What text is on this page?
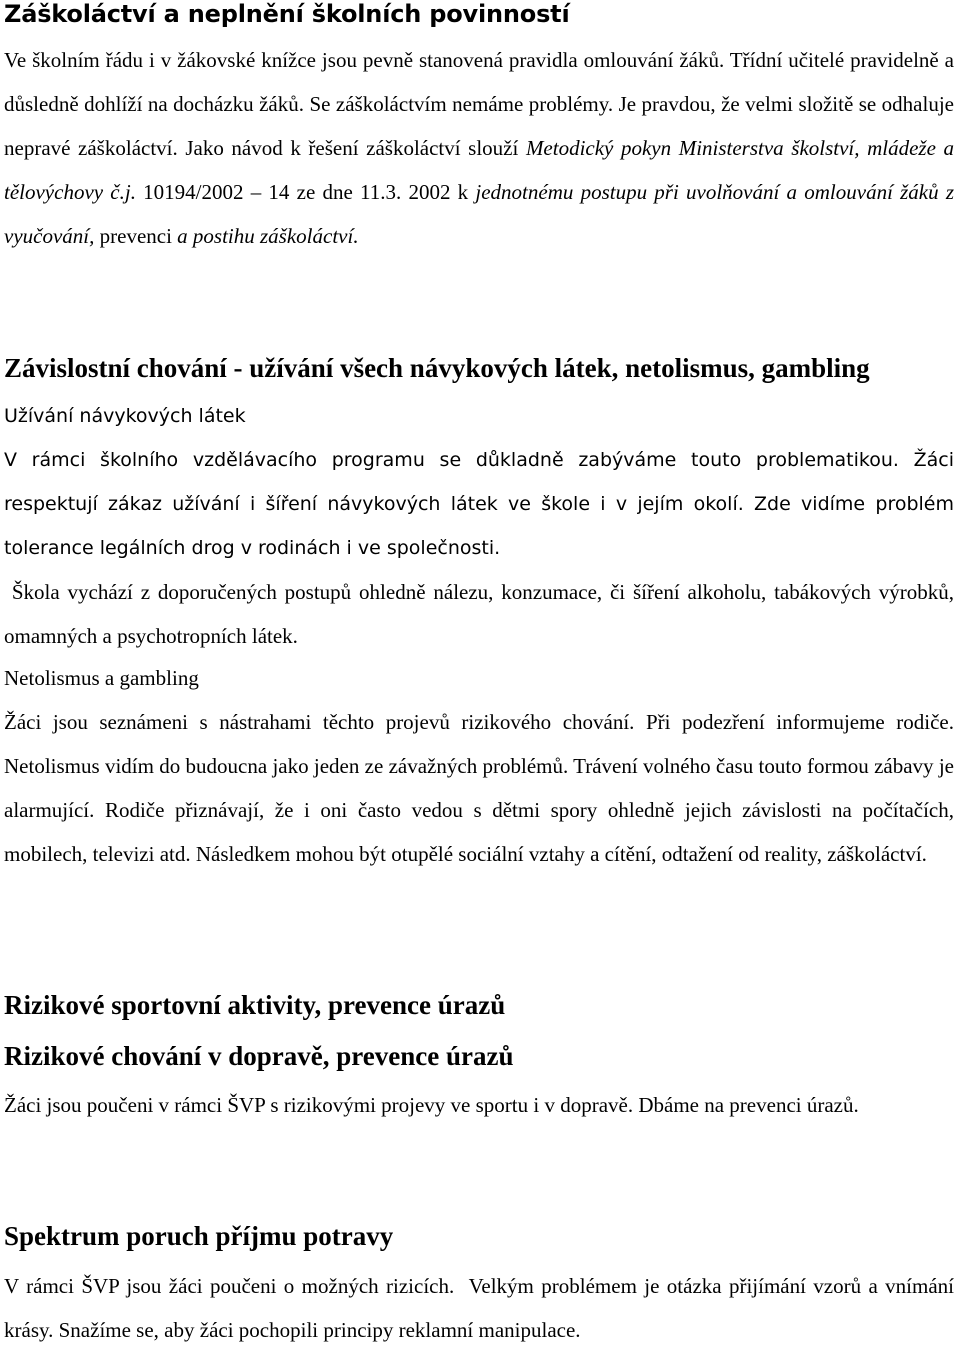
Záškoláctví a neplnění školních povinností

Ve školním řádu i v žákovské knížce jsou pevně stanovená pravidla omlouvání žáků. Třídní učitelé pravidelně a důsledně dohlíží na docházku žáků. Se záškoláctvím nemáme problémy. Je pravdou, že velmi složitě se odhaluje nepravé záškoláctví. Jako návod k řešení záškoláctví slouží Metodický pokyn Ministerstva školství, mládeže a tělovýchovy č.j. 10194/2002 – 14 ze dne 11.3. 2002 k jednotnému postupu při uvolňování a omlouvání žáků z vyučování, prevenci a postihu záškoláctví.

Závislostní chování - užívání všech návykových látek, netolismus, gambling

Užívání návykových látek

V rámci školního vzdělávacího programu se důkladně zabýváme touto problematikou. Žáci respektují zákaz užívání i šíření návykových látek ve škole i v jejím okolí. Zde vidíme problém tolerance legálních drog v rodinách i ve společnosti.

Škola vychází z doporučených postupů ohledně nálezu, konzumace, či šíření alkoholu, tabákových výrobků, omamných a psychotropních látek.

Netolismus a gambling

Žáci jsou seznámeni s nástrahami těchto projevů rizikového chování. Při podezření informujeme rodiče. Netolismus vidím do budoucna jako jeden ze závažných problémů. Trávení volného času touto formou zábavy je alarmující. Rodiče přiznávají, že i oni často vedou s dětmi spory ohledně jejich závislosti na počítačích, mobilech, televizi atd. Následkem mohou být otupělé sociální vztahy a cítění, odtažení od reality, záškoláctví.

Rizikové sportovní aktivity, prevence úrazů
Rizikové chování v dopravě, prevence úrazů

Žáci jsou poučeni v rámci ŠVP s rizikovými projevy ve sportu i v dopravě. Dbáme na prevenci úrazů.

Spektrum poruch příjmu potravy

V rámci ŠVP jsou žáci poučeni o možných rizicích.  Velkým problémem je otázka přijímání vzorů a vnímání krásy. Snažíme se, aby žáci pochopili principy reklamní manipulace.
